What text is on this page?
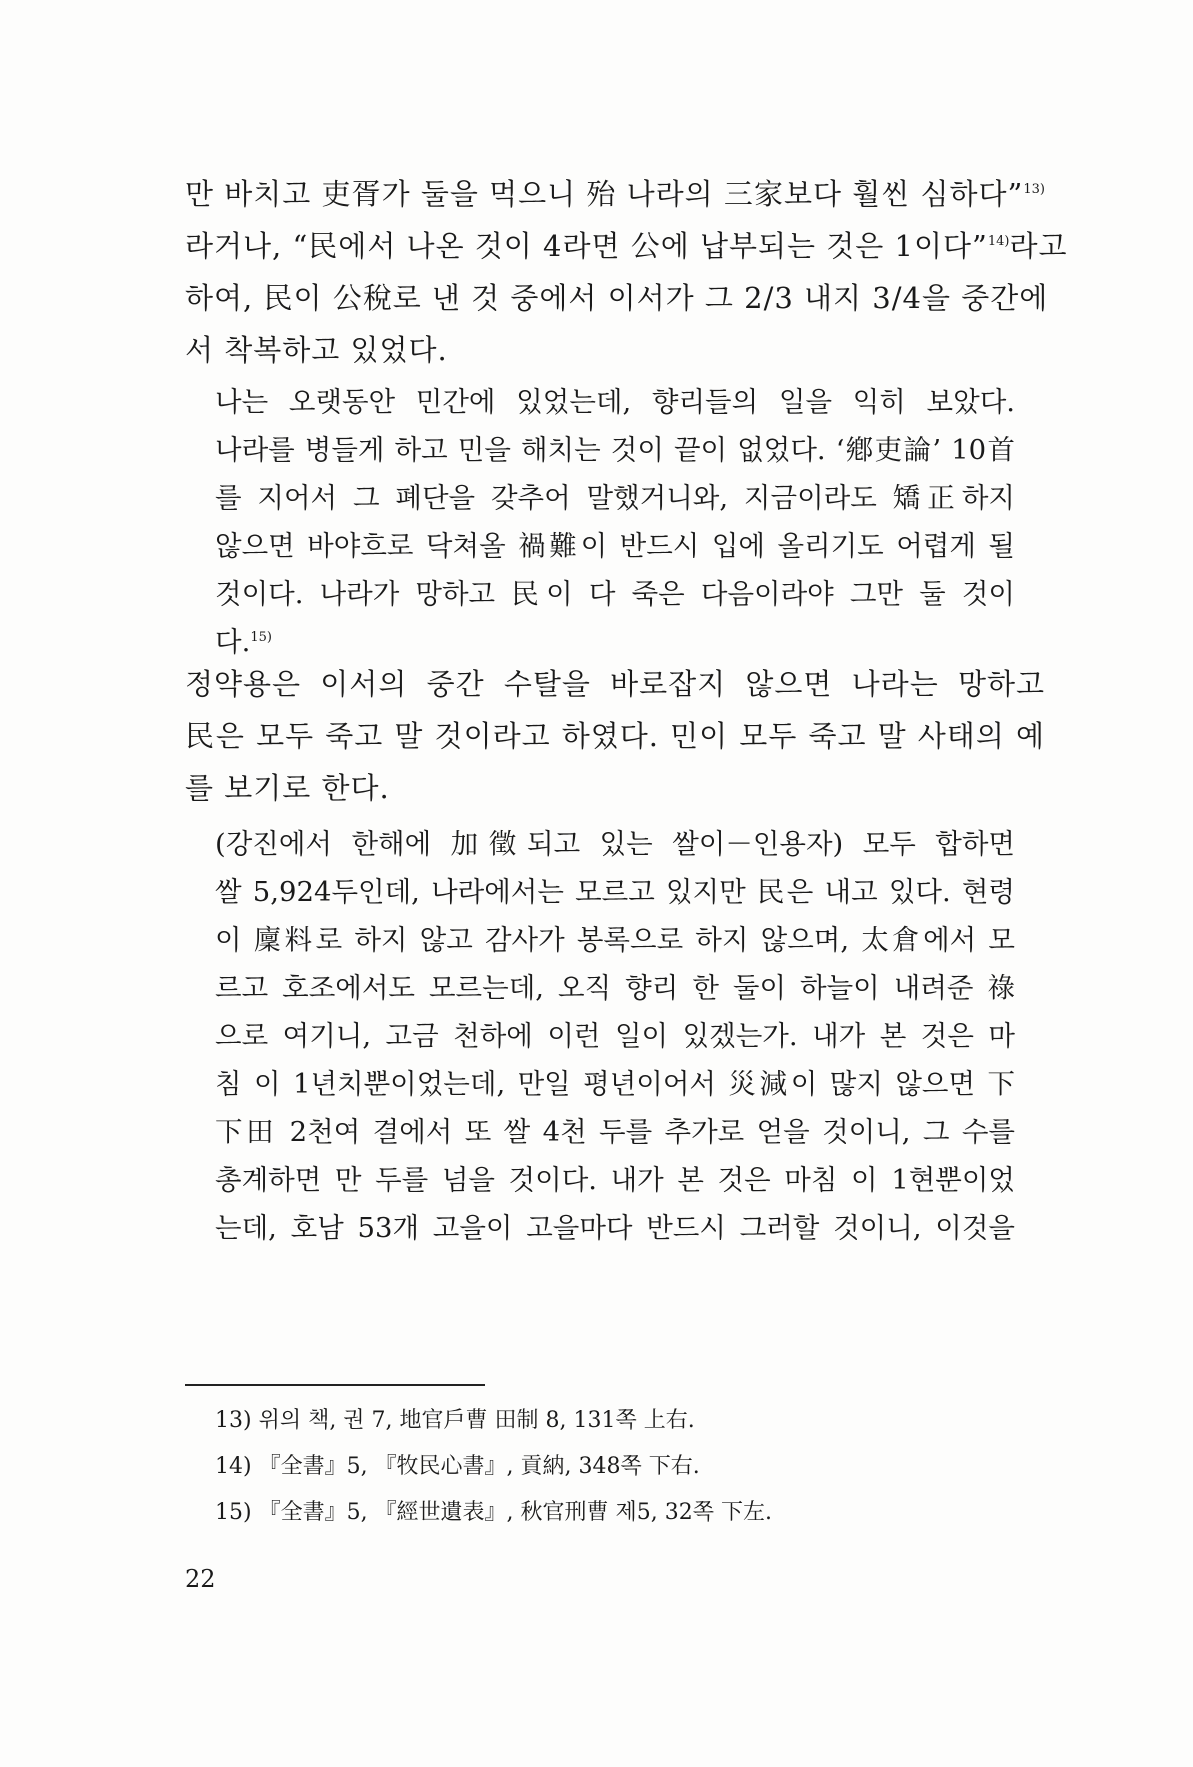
만 바치고 吏胥가 둘을 먹으니 殆 나라의 三家보다 훨씬 심하다”$^{13)}$
라거나, “民에서 나온 것이 4라면 公에 납부되는 것은 1이다”$^{14)}$라고
하여, 民이 公稅로 낸 것 중에서 이서가 그 2/3 내지 3/4을 중간에
서 착복하고 있었다.

나는 오랫동안 민간에 있었는데, 향리들의 일을 익히 보았다.
나라를 병들게 하고 민을 해치는 것이 끝이 없었다. ‘鄕吏論’ 10首
를 지어서 그 폐단을 갖추어 말했거니와, 지금이라도 矯正하지
않으면 바야흐로 닥쳐올 禍難이 반드시 입에 올리기도 어렵게 될
것이다. 나라가 망하고 民이 다 죽은 다음이라야 그만 둘 것이
다.$^{15)}$

정약용은 이서의 중간 수탈을 바로잡지 않으면 나라는 망하고
民은 모두 죽고 말 것이라고 하였다. 민이 모두 죽고 말 사태의 예
를 보기로 한다.

(강진에서 한해에 加徵되고 있는 쌀이－인용자) 모두 합하면
쌀 5,924두인데, 나라에서는 모르고 있지만 民은 내고 있다. 현령
이 廩料로 하지 않고 감사가 봉록으로 하지 않으며, 太倉에서 모
르고 호조에서도 모르는데, 오직 향리 한 둘이 하늘이 내려준 祿
으로 여기니, 고금 천하에 이런 일이 있겠는가. 내가 본 것은 마
침 이 1년치뿐이었는데, 만일 평년이어서 災減이 많지 않으면 下
下田 2천여 결에서 또 쌀 4천 두를 추가로 얻을 것이니, 그 수를
총계하면 만 두를 넘을 것이다. 내가 본 것은 마침 이 1현뿐이었
는데, 호남 53개 고을이 고을마다 반드시 그러할 것이니, 이것을

13) 위의 책, 권 7, 地官戶曹 田制 8, 131쪽 上右.
14) 『全書』5, 『牧民心書』, 貢納, 348쪽 下右.
15) 『全書』5, 『經世遺表』, 秋官刑曹 제5, 32쪽 下左.
22
